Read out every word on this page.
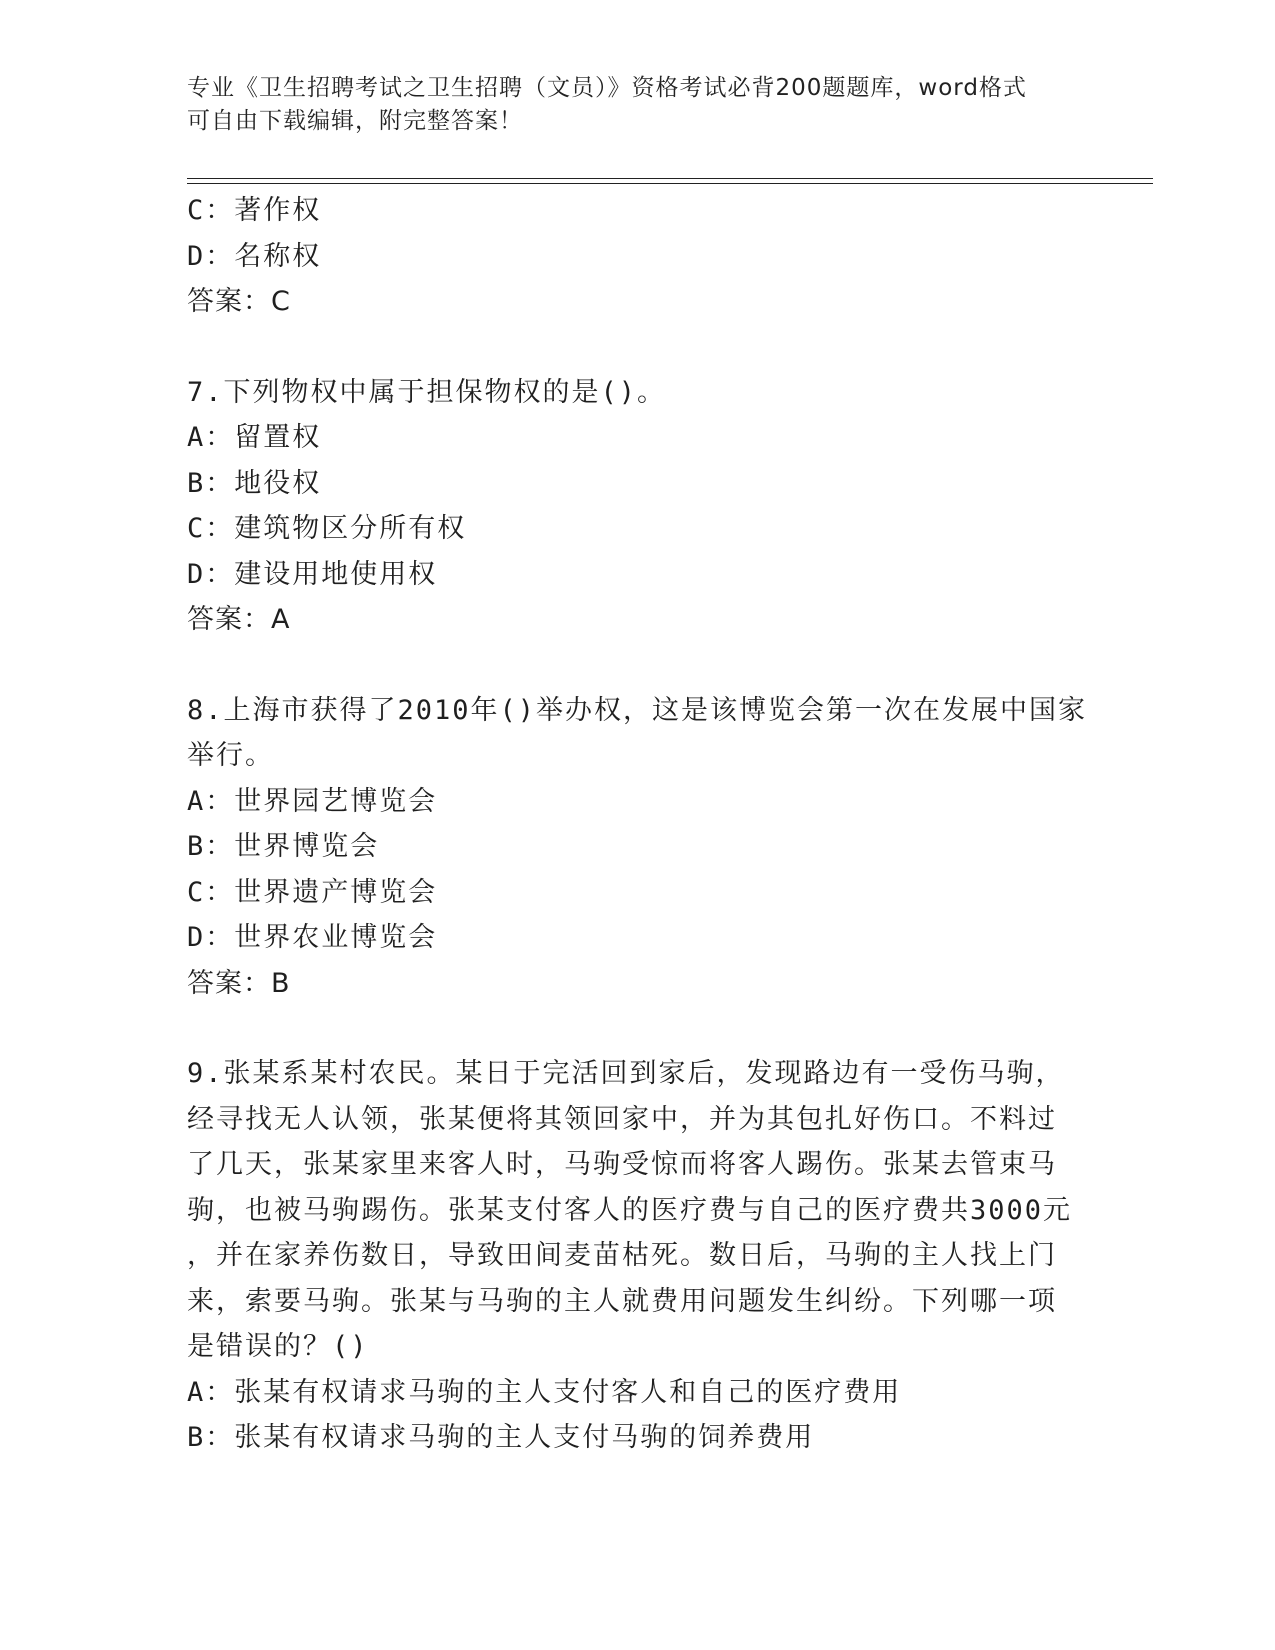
专业《卫生招聘考试之卫生招聘（文员）》资格考试必背200题题库，word格式
可自由下载编辑，附完整答案！
C：著作权
D：名称权
答案：C
7.下列物权中属于担保物权的是()。
A：留置权
B：地役权
C：建筑物区分所有权
D：建设用地使用权
答案：A
8.上海市获得了2010年()举办权，这是该博览会第一次在发展中国家
举行。
A：世界园艺博览会
B：世界博览会
C：世界遗产博览会
D：世界农业博览会
答案：B
9.张某系某村农民。某日于完活回到家后，发现路边有一受伤马驹，
经寻找无人认领，张某便将其领回家中，并为其包扎好伤口。不料过
了几天，张某家里来客人时，马驹受惊而将客人踢伤。张某去管束马
驹，也被马驹踢伤。张某支付客人的医疗费与自己的医疗费共3000元
，并在家养伤数日，导致田间麦苗枯死。数日后，马驹的主人找上门
来，索要马驹。张某与马驹的主人就费用问题发生纠纷。下列哪一项
是错误的？()
A：张某有权请求马驹的主人支付客人和自己的医疗费用
B：张某有权请求马驹的主人支付马驹的饲养费用
